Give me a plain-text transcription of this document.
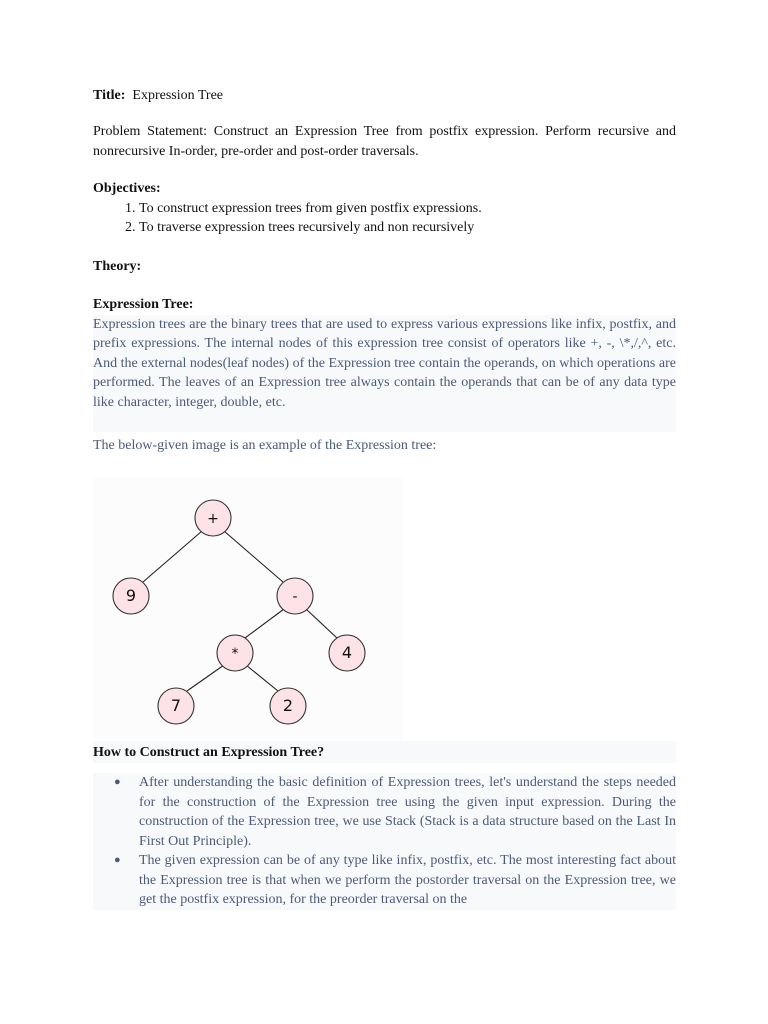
Title: Expression Tree

Problem Statement: Construct an Expression Tree from postfix expression. Perform recursive and nonrecursive In-order, pre-order and post-order traversals.

Objectives:

1. To construct expression trees from given postfix expressions.
2. To traverse expression trees recursively and non recursively

Theory:

Expression Tree:

Expression trees are the binary trees that are used to express various expressions like infix, postfix, and prefix expressions. The internal nodes of this expression tree consist of operators like +, -, \*,/,^, etc. And the external nodes(leaf nodes) of the Expression tree contain the operands, on which operations are performed. The leaves of an Expression tree always contain the operands that can be of any data type like character, integer, double, etc.

The below-given image is an example of the Expression tree:

+
9	-
*	4
7	2
How to Construct an Expression Tree?
● After understanding the basic definition of Expression trees, let's understand the steps needed for the construction of the Expression tree using the given input expression. During the construction of the Expression tree, we use Stack (Stack is a data structure based on the Last In First Out Principle).
● The given expression can be of any type like infix, postfix, etc. The most interesting fact about the Expression tree is that when we perform the postorder traversal on the Expression tree, we get the postfix expression, for the preorder traversal on the
